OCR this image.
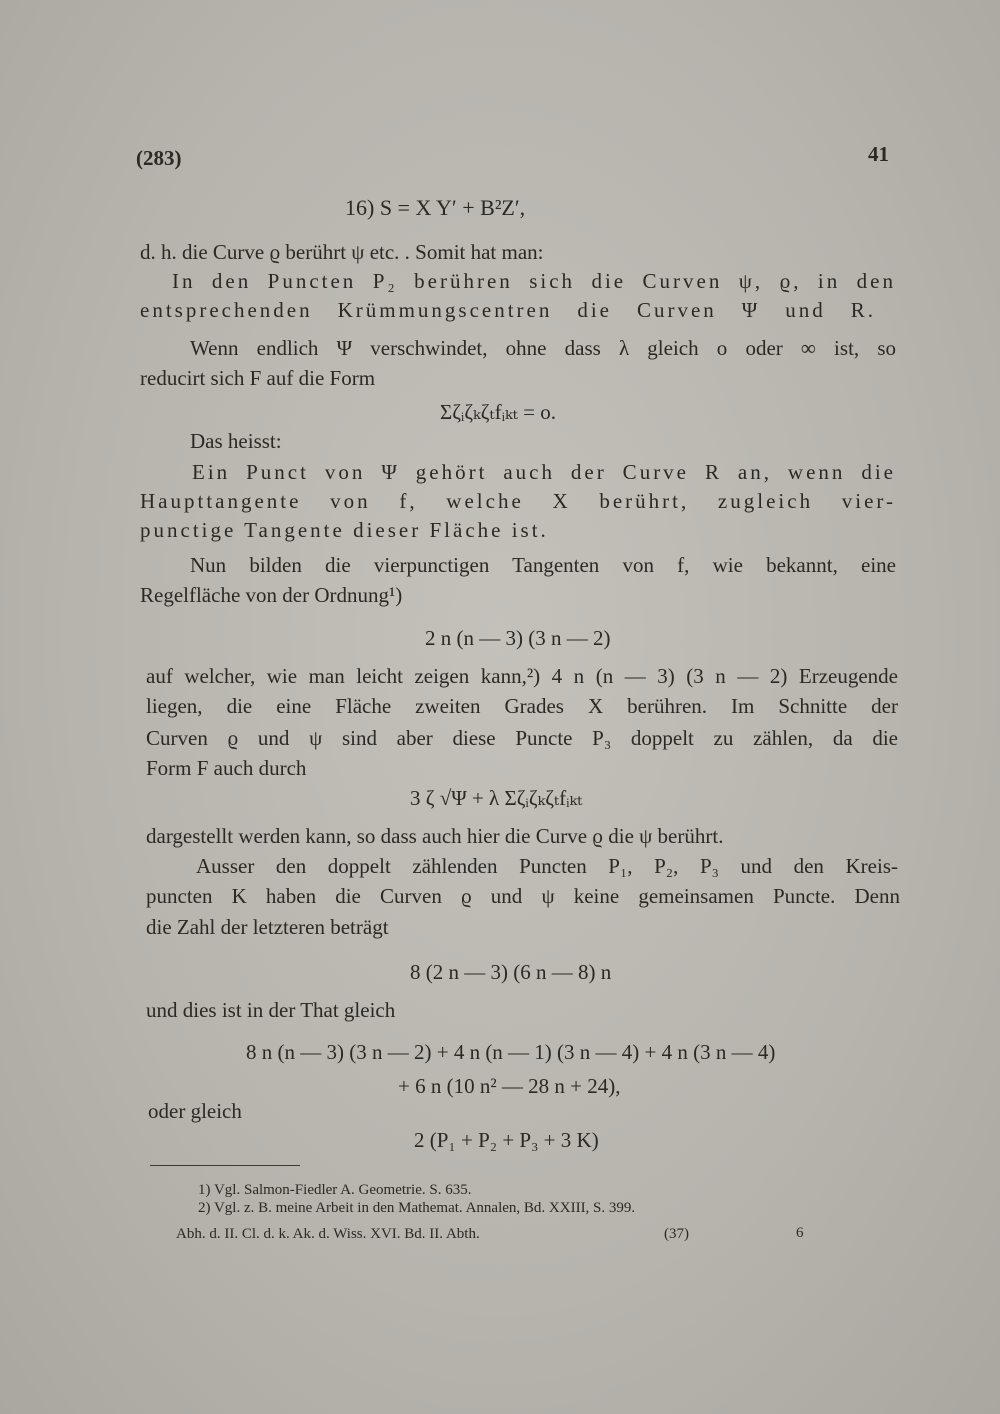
(283)	41
16) S = X Y′ + B²Z′,
d. h. die Curve ϱ berührt ψ etc. . Somit hat man:
In den Puncten P₂ berühren sich die Curven ψ, ϱ, in den
entsprechenden Krümmungscentren die Curven Ψ und R.
Wenn endlich Ψ verschwindet, ohne dass λ gleich o oder ∞ ist, so
reducirt sich F auf die Form
Σζᵢζₖζₜfᵢₖₜ = o.
Das heisst:
Ein Punct von Ψ gehört auch der Curve R an, wenn die
Haupttangente von f, welche X berührt, zugleich vier-
punctige Tangente dieser Fläche ist.
Nun bilden die vierpunctigen Tangenten von f, wie bekannt, eine
Regelfläche von der Ordnung¹)
2 n (n — 3) (3 n — 2)
auf welcher, wie man leicht zeigen kann,²) 4 n (n — 3) (3 n — 2) Erzeugende
liegen, die eine Fläche zweiten Grades X berühren. Im Schnitte der
Curven ϱ und ψ sind aber diese Puncte P₃ doppelt zu zählen, da die
Form F auch durch
3 ζ √Ψ + λ Σζᵢζₖζₜfᵢₖₜ
dargestellt werden kann, so dass auch hier die Curve ϱ die ψ berührt.
Ausser den doppelt zählenden Puncten P₁, P₂, P₃ und den Kreis-
puncten K haben die Curven ϱ und ψ keine gemeinsamen Puncte. Denn
die Zahl der letzteren beträgt
8 (2 n — 3) (6 n — 8) n
und dies ist in der That gleich
8 n (n — 3) (3 n — 2) + 4 n (n — 1) (3 n — 4) + 4 n (3 n — 4)
+ 6 n (10 n² — 28 n + 24),
oder gleich
2 (P₁ + P₂ + P₃ + 3 K)
1) Vgl. Salmon-Fiedler A. Geometrie. S. 635.
2) Vgl. z. B. meine Arbeit in den Mathemat. Annalen, Bd. XXIII, S. 399.
Abh. d. II. Cl. d. k. Ak. d. Wiss. XVI. Bd. II. Abth.	(37)	6
